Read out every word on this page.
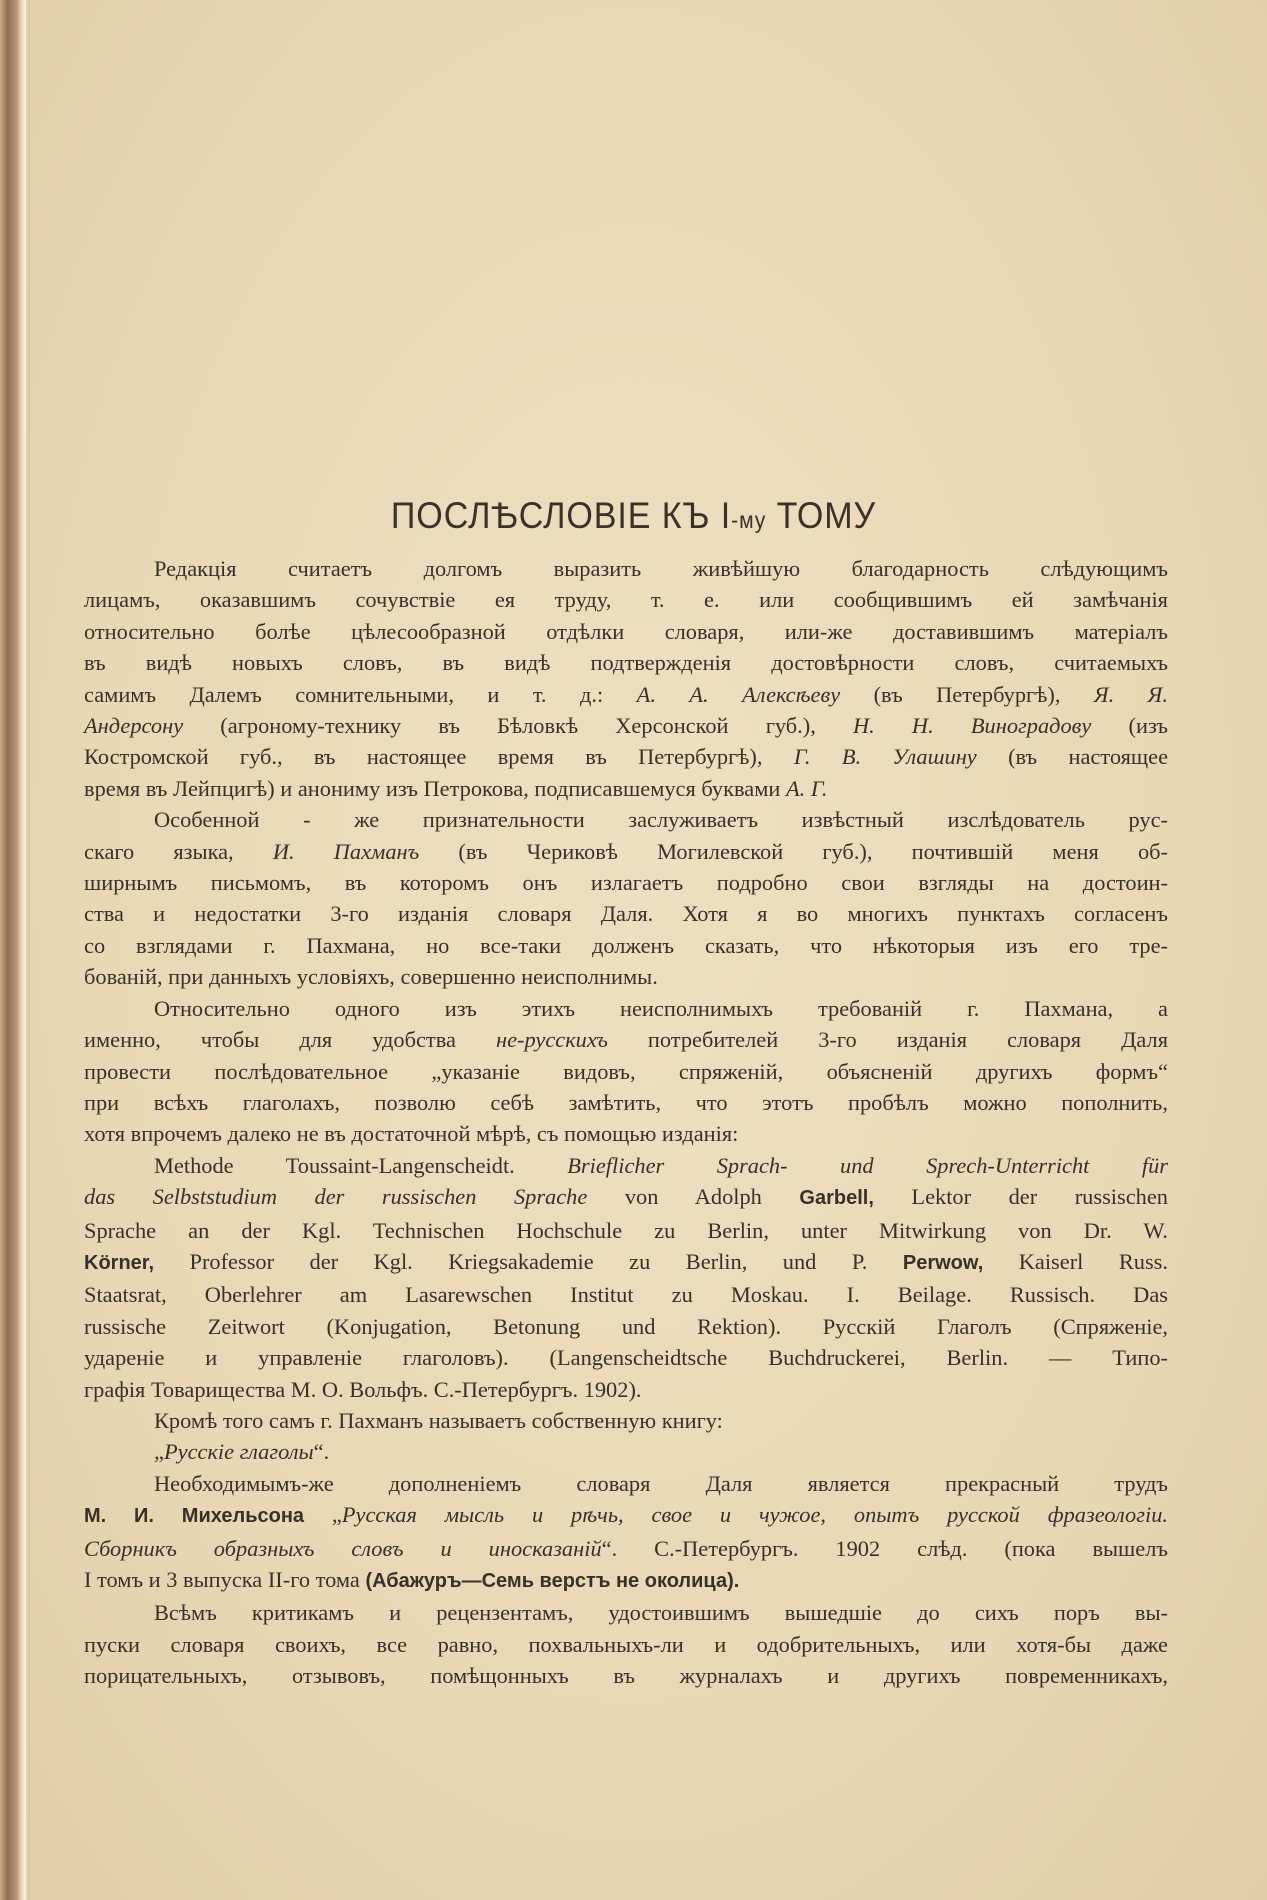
ПОСЛѢСЛОВІЕ КЪ I-му ТОМУ
Редакція считаетъ долгомъ выразить живѣйшую благодарность слѣдующимъ
лицамъ, оказавшимъ сочувствіе ея труду, т. е. или сообщившимъ ей замѣчанія
относительно болѣе цѣлесообразной отдѣлки словаря, или-же доставившимъ матеріалъ
въ видѣ новыхъ словъ, въ видѣ подтвержденія достовѣрности словъ, считаемыхъ
самимъ Далемъ сомнительными, и т. д.: А. А. Алексѣеву (въ Петербургѣ), Я. Я.
Андерсону (агроному-технику въ Бѣловкѣ Херсонской губ.), Н. Н. Виноградову (изъ
Костромской губ., въ настоящее время въ Петербургѣ), Г. В. Улашину (въ настоящее
время въ Лейпцигѣ) и анониму изъ Петрокова, подписавшемуся буквами А. Г.
Особенной - же признательности заслуживаетъ извѣстный изслѣдователь рус-
скаго языка, И. Пахманъ (въ Чериковѣ Могилевской губ.), почтившій меня об-
ширнымъ письмомъ, въ которомъ онъ излагаетъ подробно свои взгляды на достоин-
ства и недостатки 3-го изданія словаря Даля. Хотя я во многихъ пунктахъ согласенъ
со взглядами г. Пахмана, но все-таки долженъ сказать, что нѣкоторыя изъ его тре-
бованій, при данныхъ условіяхъ, совершенно неисполнимы.
Относительно одного изъ этихъ неисполнимыхъ требованій г. Пахмана, а
именно, чтобы для удобства не-русскихъ потребителей 3-го изданія словаря Даля
провести послѣдовательное „указаніе видовъ, спряженій, объясненій другихъ формъ“
при всѣхъ глаголахъ, позволю себѣ замѣтить, что этотъ пробѣлъ можно пополнить,
хотя впрочемъ далеко не въ достаточной мѣрѣ, съ помощью изданія:
Methode Toussaint-Langenscheidt. Brieflicher Sprach- und Sprech-Unterricht für
das Selbststudium der russischen Sprache von Adolph Garbell, Lektor der russischen
Sprache an der Kgl. Technischen Hochschule zu Berlin, unter Mitwirkung von Dr. W.
Körner, Professor der Kgl. Kriegsakademie zu Berlin, und P. Perwow, Kaiserl Russ.
Staatsrat, Oberlehrer am Lasarewschen Institut zu Moskau. I. Beilage. Russisch. Das
russische Zeitwort (Konjugation, Betonung und Rektion). Русскій Глаголъ (Спряженіе,
удареніе и управленіе глаголовъ). (Langenscheidtsche Buchdruckerei, Berlin. — Типо-
графія Товарищества М. О. Вольфъ. С.-Петербургъ. 1902).
Кромѣ того самъ г. Пахманъ называетъ собственную книгу:
„Русскіе глаголы“.
Необходимымъ-же дополненіемъ словаря Даля является прекрасный трудъ
М. И. Михельсона „Русская мысль и рѣчь, свое и чужое, опытъ русской фразеологіи.
Сборникъ образныхъ словъ и иносказаній“. С.-Петербургъ. 1902 слѣд. (пока вышелъ
I томъ и 3 выпуска II-го тома (Абажуръ—Семь верстъ не околица).
Всѣмъ критикамъ и рецензентамъ, удостоившимъ вышедшіе до сихъ поръ вы-
пуски словаря своихъ, все равно, похвальныхъ-ли и одобрительныхъ, или хотя-бы даже
порицательныхъ, отзывовъ, помѣщонныхъ въ журналахъ и другихъ повременникахъ,
